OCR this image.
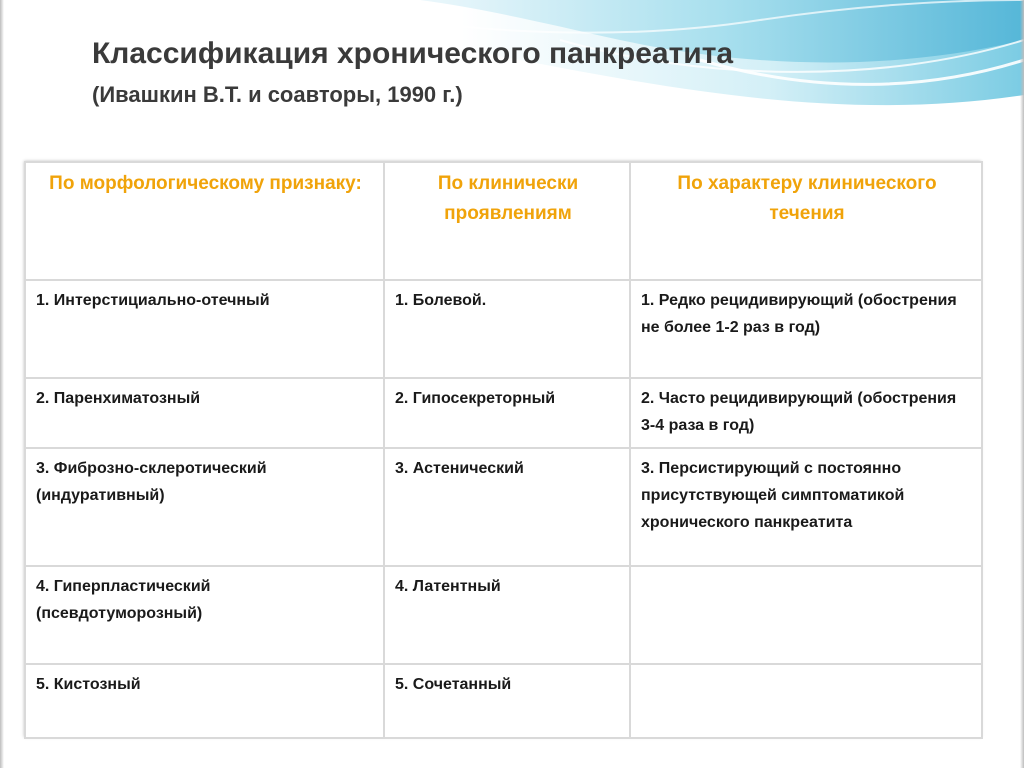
Классификация хронического панкреатита
(Ивашкин В.Т. и соавторы, 1990 г.)
По морфологическому признаку:	По клинически проявлениям	По характеру клинического течения

1. Интерстициально-отечный	1. Болевой.	1. Редко рецидивирующий (обострения не более 1-2 раз в год)

2. Паренхиматозный	2. Гипосекреторный	2. Часто рецидивирующий (обострения 3-4 раза в год)

3. Фиброзно-склеротический (индуративный)	3. Астенический	3. Персистирующий с постоянно присутствующей симптоматикой хронического панкреатита

4. Гиперпластический (псевдотуморозный)	4. Латентный	

5. Кистозный	5. Сочетанный	
